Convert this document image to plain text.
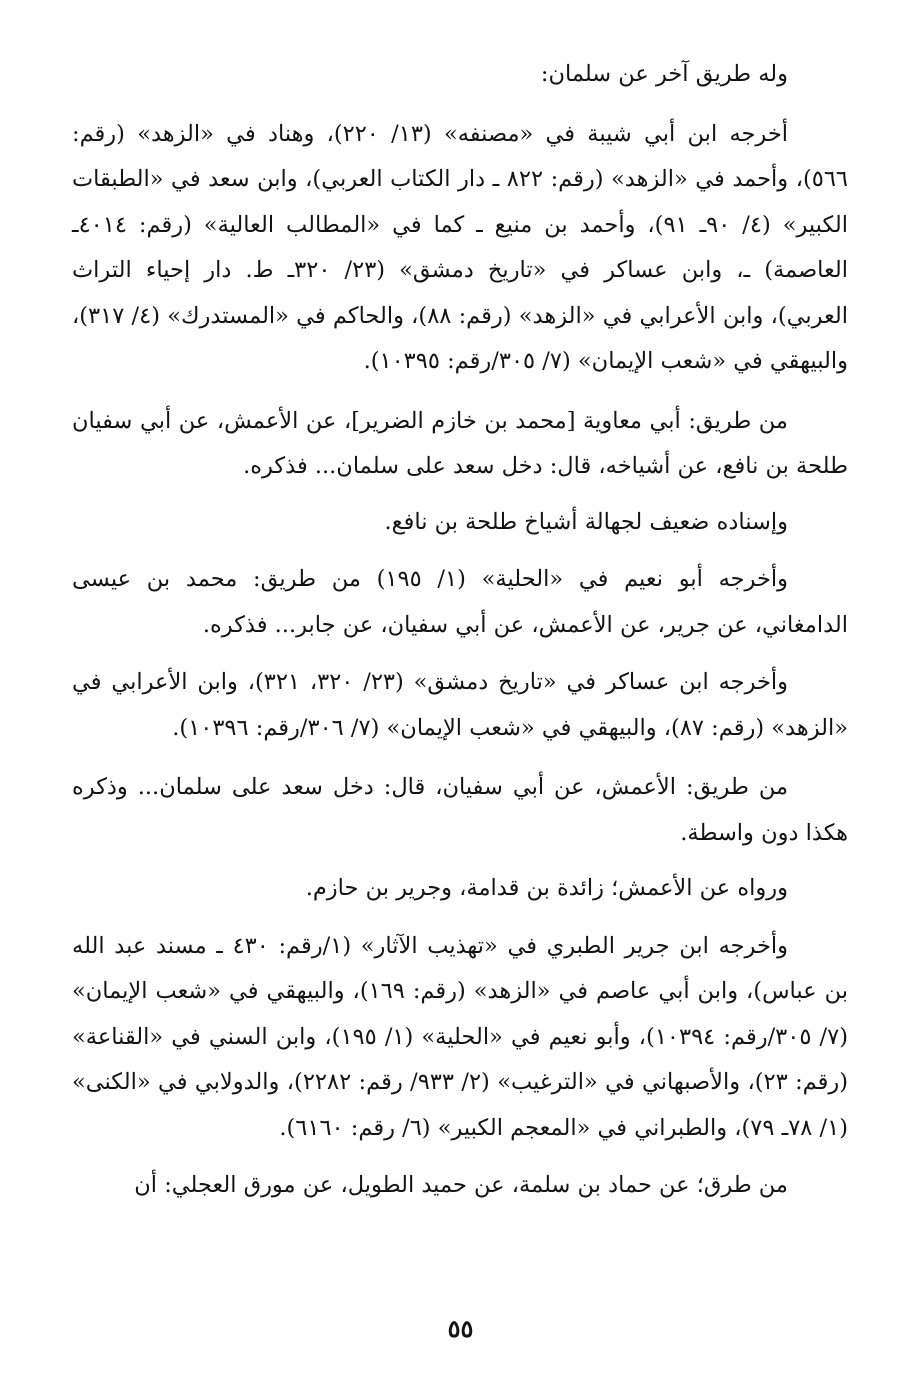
وله طريق آخر عن سلمان:

أخرجه ابن أبي شيبة في «مصنفه» (١٣/ ٢٢٠)، وهناد في «الزهد» (رقم: ٥٦٦)، وأحمد في «الزهد» (رقم: ٨٢٢ ـ دار الكتاب العربي)، وابن سعد في «الطبقات الكبير» (٤/ ٩٠ـ ٩١)، وأحمد بن منيع ـ كما في «المطالب العالية» (رقم: ٤٠١٤ـ العاصمة) ـ، وابن عساكر في «تاريخ دمشق» (٢٣/ ٣٢٠ـ ط. دار إحياء التراث العربي)، وابن الأعرابي في «الزهد» (رقم: ٨٨)، والحاكم في «المستدرك» (٤/ ٣١٧)، والبيهقي في «شعب الإيمان» (٧/ ٣٠٥/رقم: ١٠٣٩٥).

من طريق: أبي معاوية [محمد بن خازم الضرير]، عن الأعمش، عن أبي سفيان طلحة بن نافع، عن أشياخه، قال: دخل سعد على سلمان... فذكره.

وإسناده ضعيف لجهالة أشياخ طلحة بن نافع.

وأخرجه أبو نعيم في «الحلية» (١/ ١٩٥) من طريق: محمد بن عيسى الدامغاني، عن جرير، عن الأعمش، عن أبي سفيان، عن جابر... فذكره.

وأخرجه ابن عساكر في «تاريخ دمشق» (٢٣/ ٣٢٠، ٣٢١)، وابن الأعرابي في «الزهد» (رقم: ٨٧)، والبيهقي في «شعب الإيمان» (٧/ ٣٠٦/رقم: ١٠٣٩٦).

من طريق: الأعمش، عن أبي سفيان، قال: دخل سعد على سلمان... وذكره هكذا دون واسطة.

ورواه عن الأعمش؛ زائدة بن قدامة، وجرير بن حازم.

وأخرجه ابن جرير الطبري في «تهذيب الآثار» (١/رقم: ٤٣٠ ـ مسند عبد الله بن عباس)، وابن أبي عاصم في «الزهد» (رقم: ١٦٩)، والبيهقي في «شعب الإيمان» (٧/ ٣٠٥/رقم: ١٠٣٩٤)، وأبو نعيم في «الحلية» (١/ ١٩٥)، وابن السني في «القناعة» (رقم: ٢٣)، والأصبهاني في «الترغيب» (٢/ ٩٣٣/ رقم: ٢٢٨٢)، والدولابي في «الكنى» (١/ ٧٨ـ ٧٩)، والطبراني في «المعجم الكبير» (٦/ رقم: ٦١٦٠).

من طرق؛ عن حماد بن سلمة، عن حميد الطويل، عن مورق العجلي: أن

٥٥
